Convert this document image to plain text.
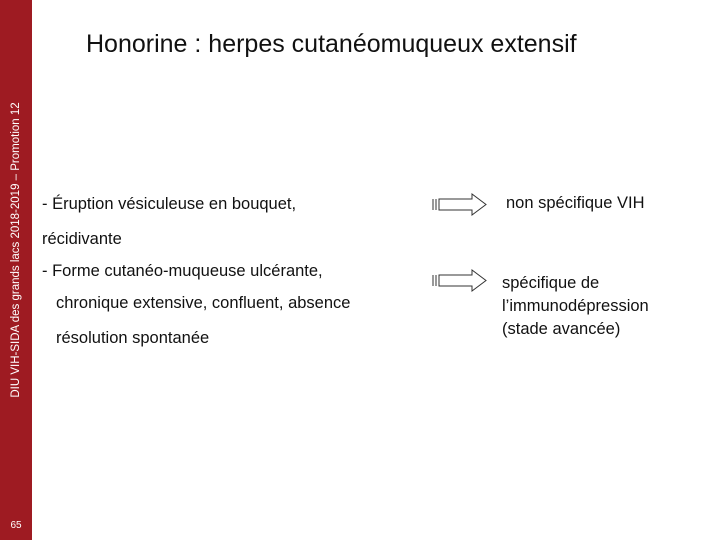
DIU VIH-SIDA des grands lacs 2018-2019 – Promotion 12
65
Honorine : herpes cutanéomuqueux extensif
- Éruption vésiculeuse en bouquet,
récidivante
non spécifique VIH
- Forme cutanéo-muqueuse ulcérante,
chronique extensive, confluent, absence
résolution spontanée
spécifique de
l’immunodépression
(stade avancée)
